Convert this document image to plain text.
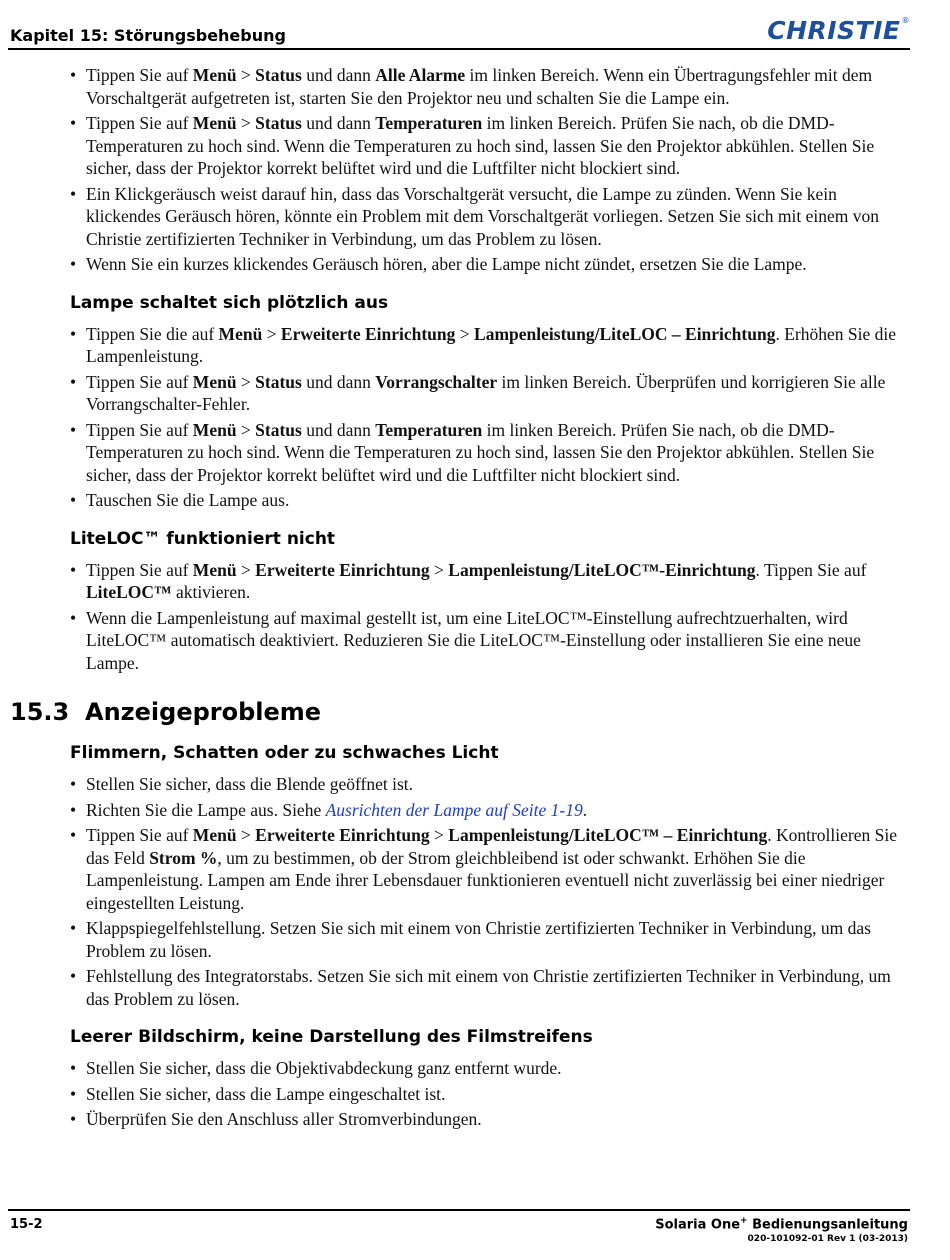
Kapitel 15: Störungsbehebung	CHRISTIE®
• Tippen Sie auf Menü > Status und dann Alle Alarme im linken Bereich. Wenn ein Übertragungsfehler mit dem Vorschaltgerät aufgetreten ist, starten Sie den Projektor neu und schalten Sie die Lampe ein.
• Tippen Sie auf Menü > Status und dann Temperaturen im linken Bereich. Prüfen Sie nach, ob die DMD-Temperaturen zu hoch sind. Wenn die Temperaturen zu hoch sind, lassen Sie den Projektor abkühlen. Stellen Sie sicher, dass der Projektor korrekt belüftet wird und die Luftfilter nicht blockiert sind.
• Ein Klickgeräusch weist darauf hin, dass das Vorschaltgerät versucht, die Lampe zu zünden. Wenn Sie kein klickendes Geräusch hören, könnte ein Problem mit dem Vorschaltgerät vorliegen. Setzen Sie sich mit einem von Christie zertifizierten Techniker in Verbindung, um das Problem zu lösen.
• Wenn Sie ein kurzes klickendes Geräusch hören, aber die Lampe nicht zündet, ersetzen Sie die Lampe.
Lampe schaltet sich plötzlich aus
• Tippen Sie die auf Menü > Erweiterte Einrichtung > Lampenleistung/LiteLOC – Einrichtung. Erhöhen Sie die Lampenleistung.
• Tippen Sie auf Menü > Status und dann Vorrangschalter im linken Bereich. Überprüfen und korrigieren Sie alle Vorrangschalter-Fehler.
• Tippen Sie auf Menü > Status und dann Temperaturen im linken Bereich. Prüfen Sie nach, ob die DMD-Temperaturen zu hoch sind. Wenn die Temperaturen zu hoch sind, lassen Sie den Projektor abkühlen. Stellen Sie sicher, dass der Projektor korrekt belüftet wird und die Luftfilter nicht blockiert sind.
• Tauschen Sie die Lampe aus.
LiteLOC™ funktioniert nicht
• Tippen Sie auf Menü > Erweiterte Einrichtung > Lampenleistung/LiteLOC™-Einrichtung. Tippen Sie auf LiteLOC™ aktivieren.
• Wenn die Lampenleistung auf maximal gestellt ist, um eine LiteLOC™-Einstellung aufrechtzuerhalten, wird LiteLOC™ automatisch deaktiviert. Reduzieren Sie die LiteLOC™-Einstellung oder installieren Sie eine neue Lampe.
15.3 Anzeigeprobleme
Flimmern, Schatten oder zu schwaches Licht
• Stellen Sie sicher, dass die Blende geöffnet ist.
• Richten Sie die Lampe aus. Siehe Ausrichten der Lampe auf Seite 1-19.
• Tippen Sie auf Menü > Erweiterte Einrichtung > Lampenleistung/LiteLOC™ – Einrichtung. Kontrollieren Sie das Feld Strom %, um zu bestimmen, ob der Strom gleichbleibend ist oder schwankt. Erhöhen Sie die Lampenleistung. Lampen am Ende ihrer Lebensdauer funktionieren eventuell nicht zuverlässig bei einer niedriger eingestellten Leistung.
• Klappspiegelfehlstellung. Setzen Sie sich mit einem von Christie zertifizierten Techniker in Verbindung, um das Problem zu lösen.
• Fehlstellung des Integratorstabs. Setzen Sie sich mit einem von Christie zertifizierten Techniker in Verbindung, um das Problem zu lösen.
Leerer Bildschirm, keine Darstellung des Filmstreifens
• Stellen Sie sicher, dass die Objektivabdeckung ganz entfernt wurde.
• Stellen Sie sicher, dass die Lampe eingeschaltet ist.
• Überprüfen Sie den Anschluss aller Stromverbindungen.
15-2	Solaria One+ Bedienungsanleitung
020-101092-01 Rev 1 (03-2013)
